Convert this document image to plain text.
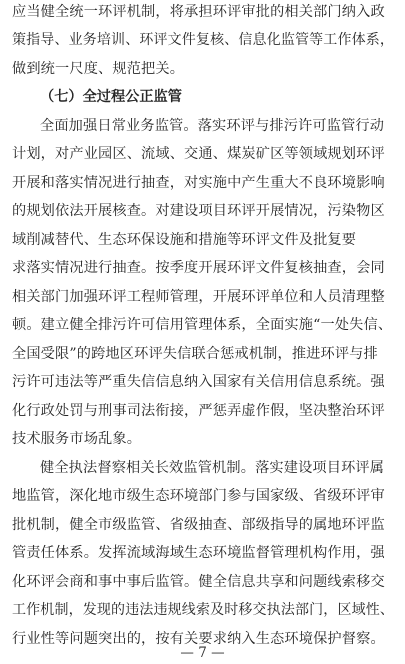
应当健全统一环评机制，将承担环评审批的相关部门纳入政
策指导、业务培训、环评文件复核、信息化监管等工作体系，
做到统一尺度、规范把关。
（七）全过程公正监管
全面加强日常业务监管。落实环评与排污许可监管行动
计划，对产业园区、流域、交通、煤炭矿区等领域规划环评
开展和落实情况进行抽查，对实施中产生重大不良环境影响
的规划依法开展核查。对建设项目环评开展情况，污染物区
域削减替代、生态环保设施和措施等环评文件及批复要
求落实情况进行抽查。按季度开展环评文件复核抽查，会同
相关部门加强环评工程师管理，开展环评单位和人员清理整
顿。建立健全排污许可信用管理体系，全面实施“一处失信、
全国受限”的跨地区环评失信联合惩戒机制，推进环评与排
污许可违法等严重失信信息纳入国家有关信用信息系统。强
化行政处罚与刑事司法衔接，严惩弄虚作假，坚决整治环评
技术服务市场乱象。
健全执法督察相关长效监管机制。落实建设项目环评属
地监管，深化地市级生态环境部门参与国家级、省级环评审
批机制，健全市级监管、省级抽查、部级指导的属地环评监
管责任体系。发挥流域海域生态环境监督管理机构作用，强
化环评会商和事中事后监管。健全信息共享和问题线索移交
工作机制，发现的违法违规线索及时移交执法部门，区域性、
行业性等问题突出的，按有关要求纳入生态环境保护督察。
— 7 —
